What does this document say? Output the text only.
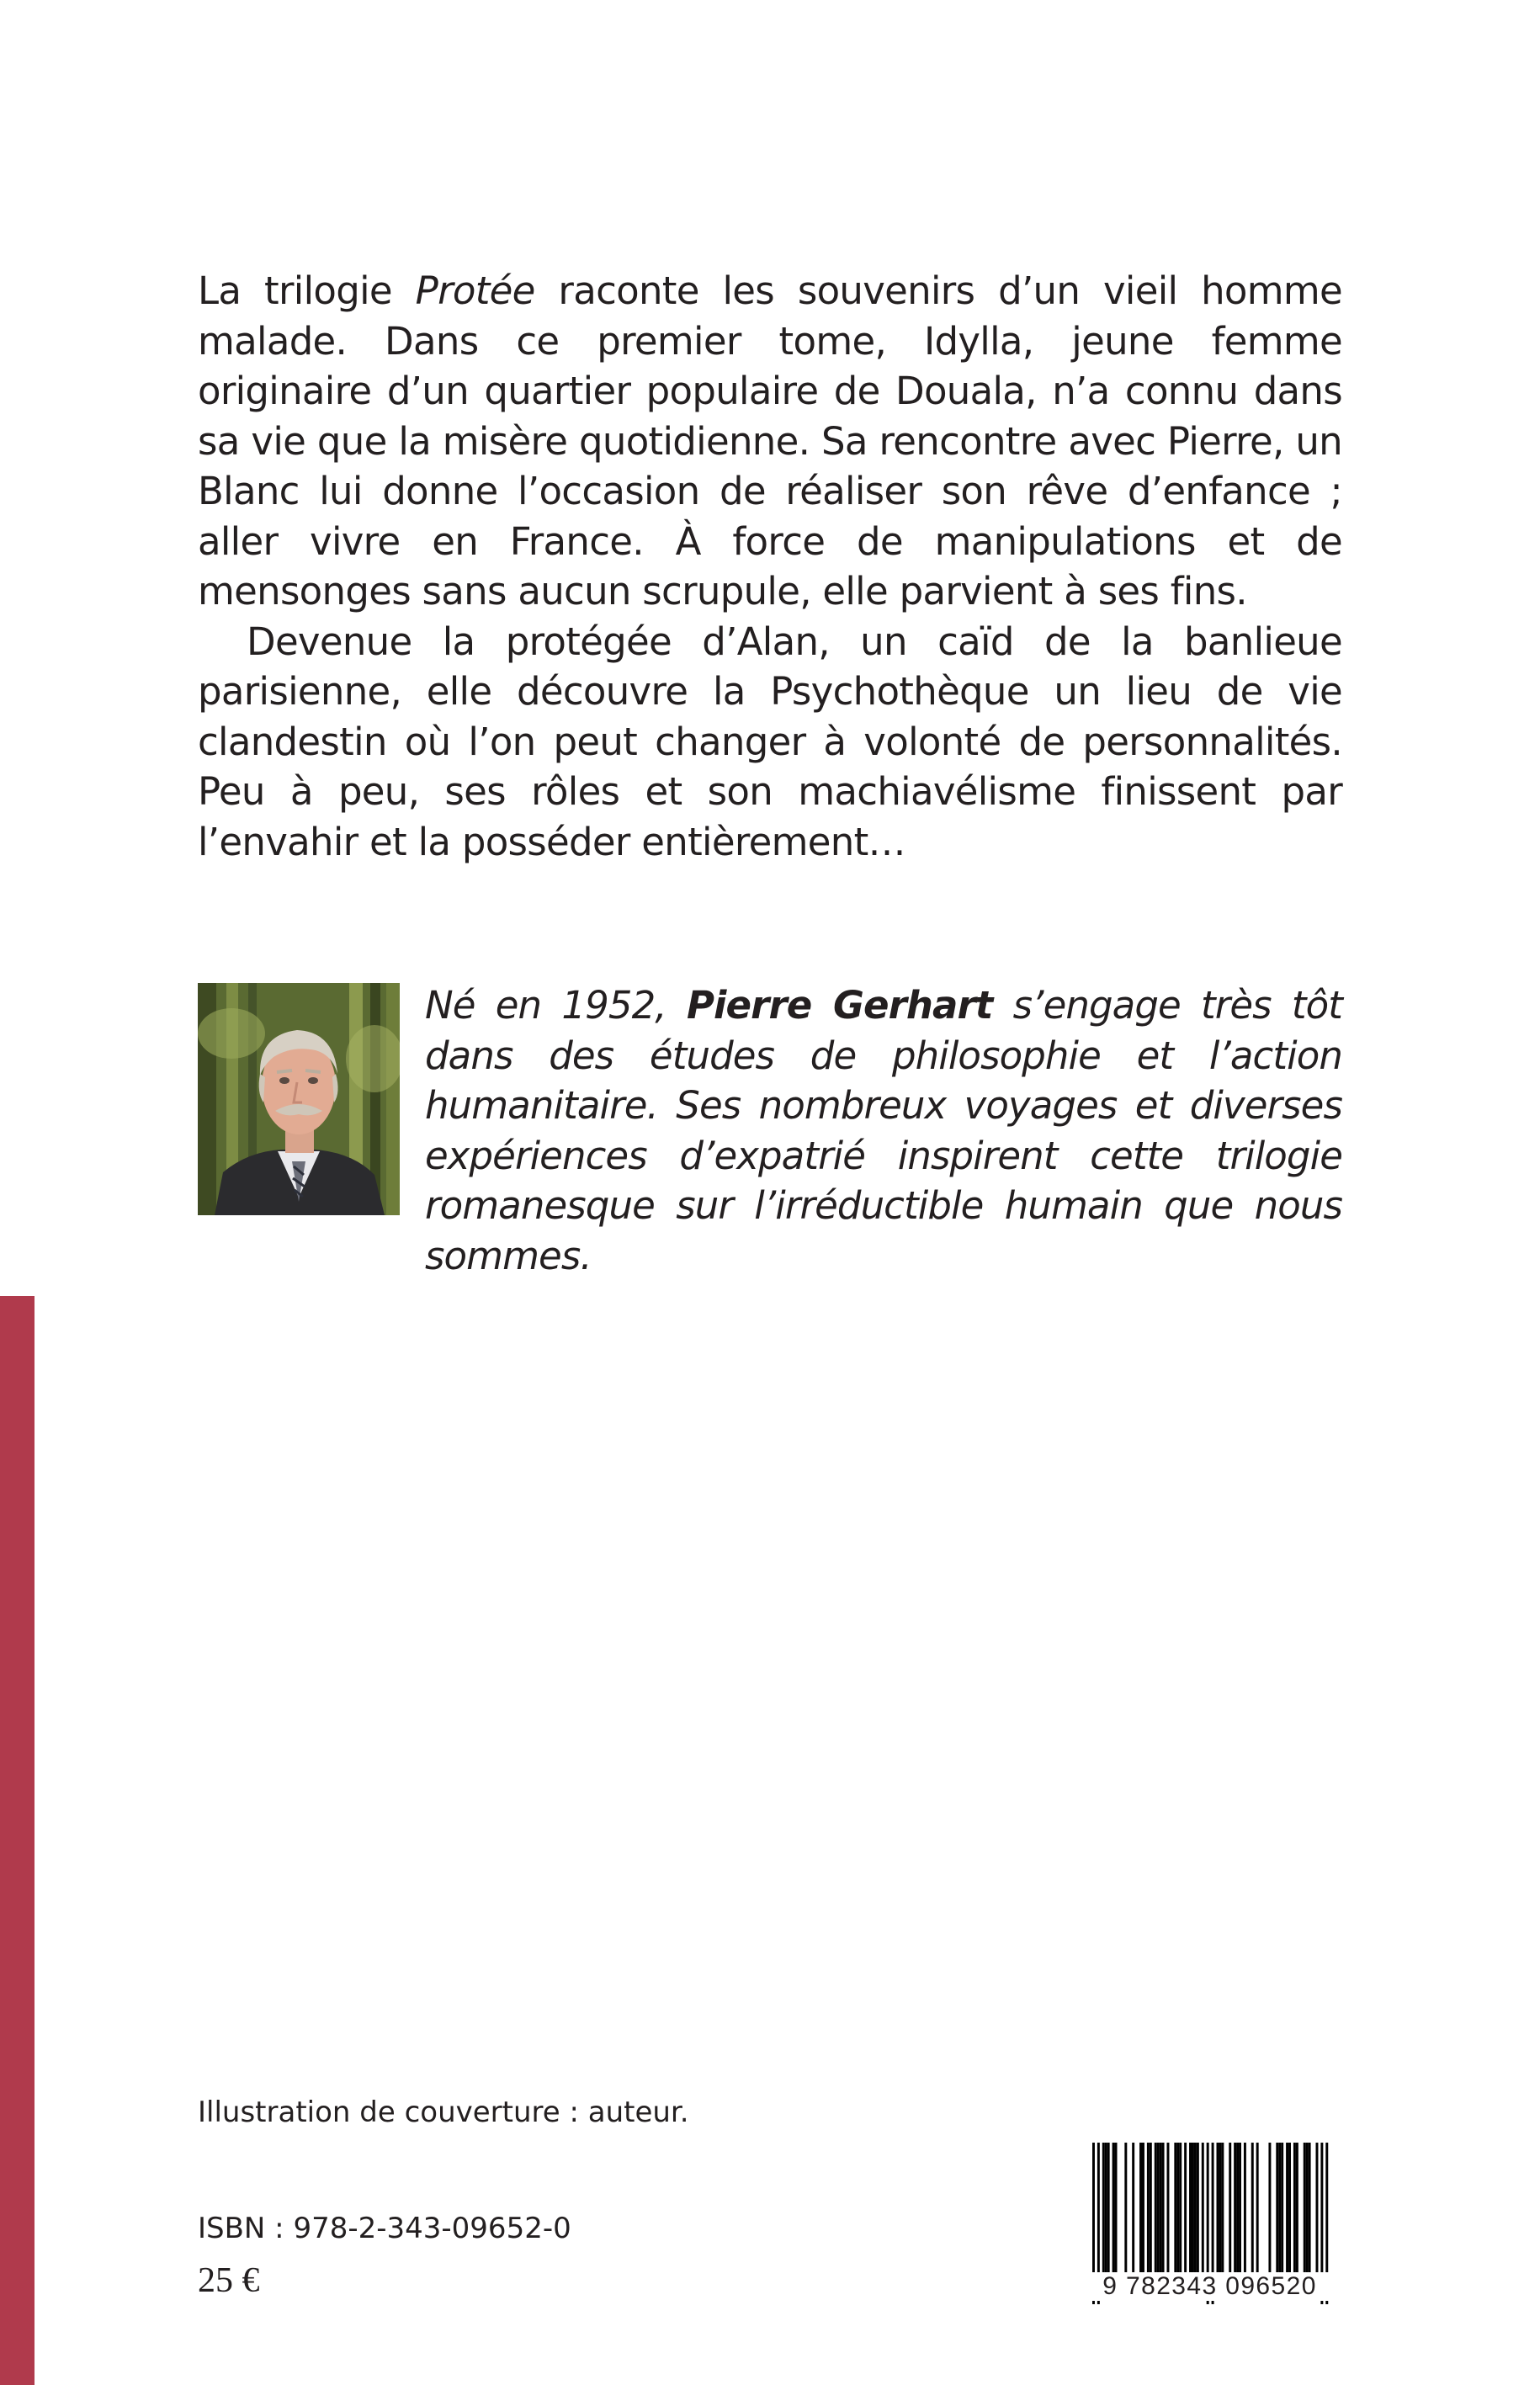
La trilogie Protée raconte les souvenirs d’un vieil homme malade. Dans ce premier tome, Idylla, jeune femme originaire d’un quartier populaire de Douala, n’a connu dans sa vie que la misère quotidienne. Sa rencontre avec Pierre, un Blanc lui donne l’occasion de réaliser son rêve d’enfance ; aller vivre en France. À force de manipulations et de mensonges sans aucun scrupule, elle parvient à ses fins.

Devenue la protégée d’Alan, un caïd de la banlieue parisienne, elle découvre la Psychothèque un lieu de vie clandestin où l’on peut changer à volonté de personnalités. Peu à peu, ses rôles et son machiavélisme finissent par l’envahir et la posséder entièrement…

Né en 1952, Pierre Gerhart s’engage très tôt dans des études de philosophie et l’action humanitaire. Ses nombreux voyages et diverses expériences d’expatrié inspirent cette trilogie romanesque sur l’irréductible humain que nous sommes.

Illustration de couverture : auteur.
ISBN : 978-2-343-09652-0
25 €	9 782343 096520
